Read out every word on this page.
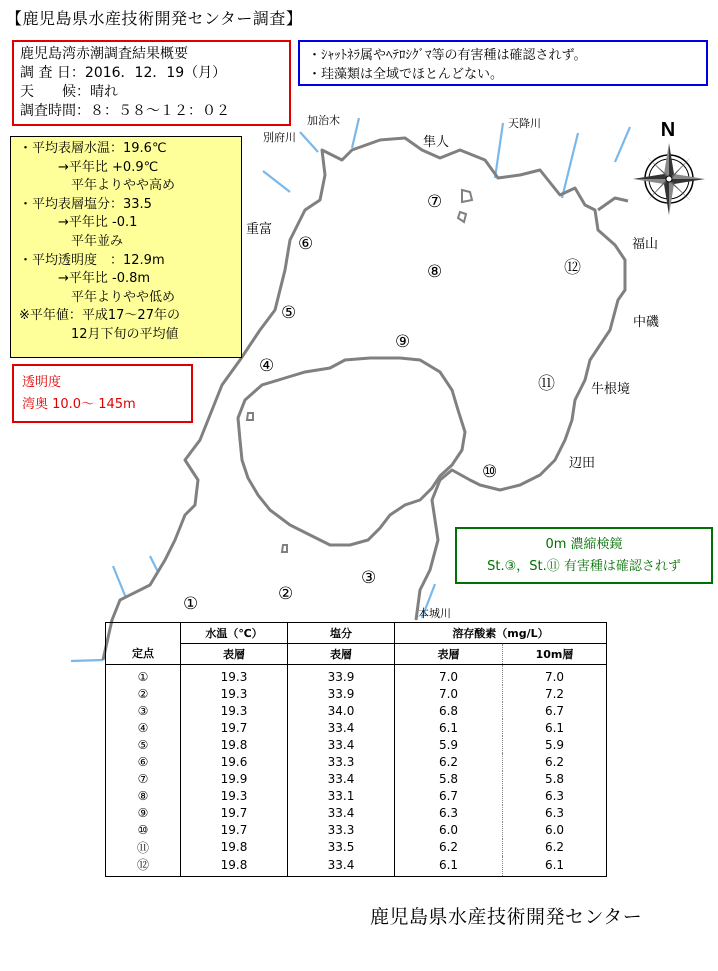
【鹿児島県水産技術開発センター調査】
N
加治木
別府川	隼人
天降川
重富
福山
中磯
牛根境
辺田
本城川
①	②
③
④
⑤
⑥
⑦
⑧
⑨
⑩
⑪
⑫
鹿児島湾赤潮調査結果概要
調 査 日：2016．12．19（月）
天　　候：晴れ
調査時間：８：５８～１２：０２
・ｼｬｯﾄﾈﾗ属やﾍﾃﾛｼｸﾞﾏ等の有害種は確認されず。
・珪藻類は全域でほとんどない。
・平均表層水温：19.6℃
　　　→平年比 +0.9℃
　　　　平年よりやや高め
・平均表層塩分：33.5
　　　→平年比 -0.1
　　　　平年並み
・平均透明度　：12.9m
　　　→平年比 -0.8m
　　　　平年よりやや低め
※平年値：平成17～27年の
　　　　12月下旬の平均値
透明度
湾奥 10.0～ 145m
0m 濃縮検鏡
St.③，St.⑪ 有害種は確認されず
定点	水温（℃）	塩分	溶存酸素（mg/L）	
	表層	表層	表層	10m層
①	19.3	33.9	7.0	7.0
②	19.3	33.9	7.0	7.2
③	19.3	34.0	6.8	6.7
④	19.7	33.4	6.1	6.1
⑤	19.8	33.4	5.9	5.9
⑥	19.6	33.3	6.2	6.2
⑦	19.9	33.4	5.8	5.8
⑧	19.3	33.1	6.7	6.3
⑨	19.7	33.4	6.3	6.3
⑩	19.7	33.3	6.0	6.0
⑪	19.8	33.5	6.2	6.2
⑫	19.8	33.4	6.1	6.1
鹿児島県水産技術開発センター
